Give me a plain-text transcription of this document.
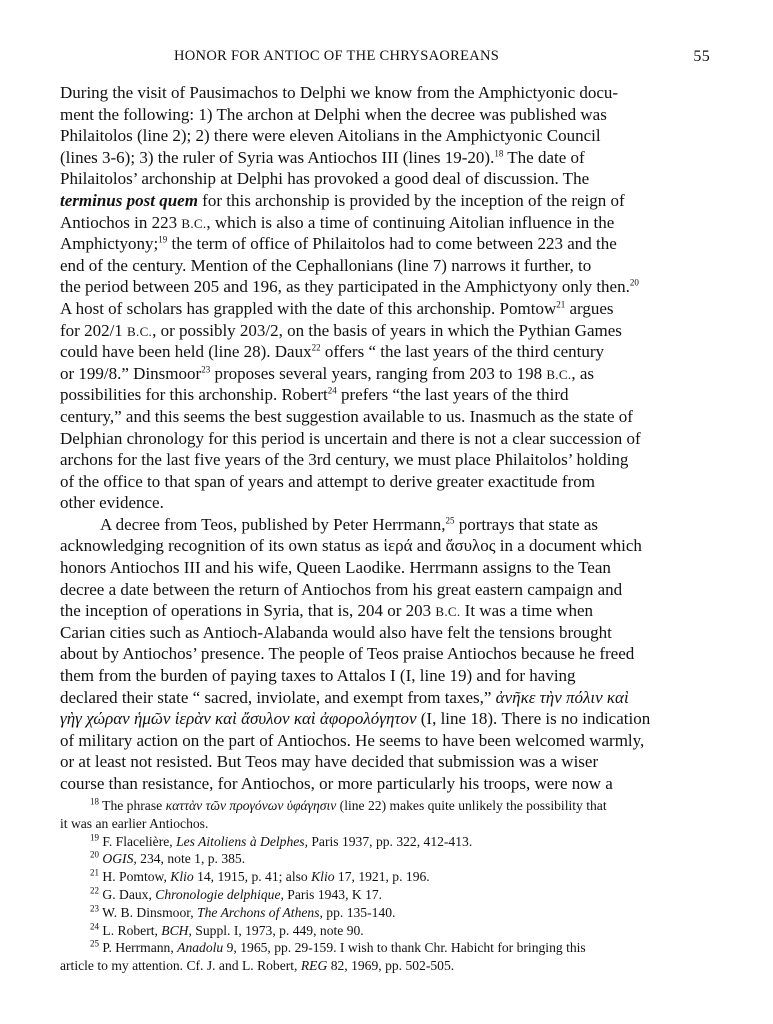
HONOR FOR ANTIOC OF THE CHRYSAOREANS	55
During the visit of Pausimachos to Delphi we know from the Amphictyonic docu-
ment the following: 1) The archon at Delphi when the decree was published was
Philaitolos (line 2); 2) there were eleven Aitolians in the Amphictyonic Council
(lines 3-6); 3) the ruler of Syria was Antiochos III (lines 19-20).$^{18}$ The date of
Philaitolos’ archonship at Delphi has provoked a good deal of discussion. The
terminus post quem for this archonship is provided by the inception of the reign of
Antiochos in 223 B.C., which is also a time of continuing Aitolian influence in the
Amphictyony;$^{19}$ the term of office of Philaitolos had to come between 223 and the
end of the century. Mention of the Cephallonians (line 7) narrows it further, to
the period between 205 and 196, as they participated in the Amphictyony only then.$^{20}$
A host of scholars has grappled with the date of this archonship. Pomtow$^{21}$ argues
for 202/1 B.C., or possibly 203/2, on the basis of years in which the Pythian Games
could have been held (line 28). Daux$^{22}$ offers “ the last years of the third century
or 199/8.” Dinsmoor$^{23}$ proposes several years, ranging from 203 to 198 B.C., as
possibilities for this archonship. Robert$^{24}$ prefers “the last years of the third
century,” and this seems the best suggestion available to us. Inasmuch as the state of
Delphian chronology for this period is uncertain and there is not a clear succession of
archons for the last five years of the 3rd century, we must place Philaitolos’ holding
of the office to that span of years and attempt to derive greater exactitude from
other evidence.
A decree from Teos, published by Peter Herrmann,$^{25}$ portrays that state as
acknowledging recognition of its own status as ἱερά and ἄσυλος in a document which
honors Antiochos III and his wife, Queen Laodike. Herrmann assigns to the Tean
decree a date between the return of Antiochos from his great eastern campaign and
the inception of operations in Syria, that is, 204 or 203 B.C. It was a time when
Carian cities such as Antioch-Alabanda would also have felt the tensions brought
about by Antiochos’ presence. The people of Teos praise Antiochos because he freed
them from the burden of paying taxes to Attalos I (I, line 19) and for having
declared their state “ sacred, inviolate, and exempt from taxes,” ἀνῆκε τὴν πόλιν καὶ
γὴγ χώραν ἡμῶν ἱερὰν καὶ ἄσυλον καὶ ἀφορολόγητον (I, line 18). There is no indication
of military action on the part of Antiochos. He seems to have been welcomed warmly,
or at least not resisted. But Teos may have decided that submission was a wiser
course than resistance, for Antiochos, or more particularly his troops, were now a
$^{18}$ The phrase καττὰν τῶν προγόνων ὑφάγησιν (line 22) makes quite unlikely the possibility that
it was an earlier Antiochos.
$^{19}$ F. Flacelière, Les Aitoliens à Delphes, Paris 1937, pp. 322, 412-413.
$^{20}$ OGIS, 234, note 1, p. 385.
$^{21}$ H. Pomtow, Klio 14, 1915, p. 41; also Klio 17, 1921, p. 196.
$^{22}$ G. Daux, Chronologie delphique, Paris 1943, K 17.
$^{23}$ W. B. Dinsmoor, The Archons of Athens, pp. 135-140.
$^{24}$ L. Robert, BCH, Suppl. I, 1973, p. 449, note 90.
$^{25}$ P. Herrmann, Anadolu 9, 1965, pp. 29-159. I wish to thank Chr. Habicht for bringing this
article to my attention. Cf. J. and L. Robert, REG 82, 1969, pp. 502-505.
